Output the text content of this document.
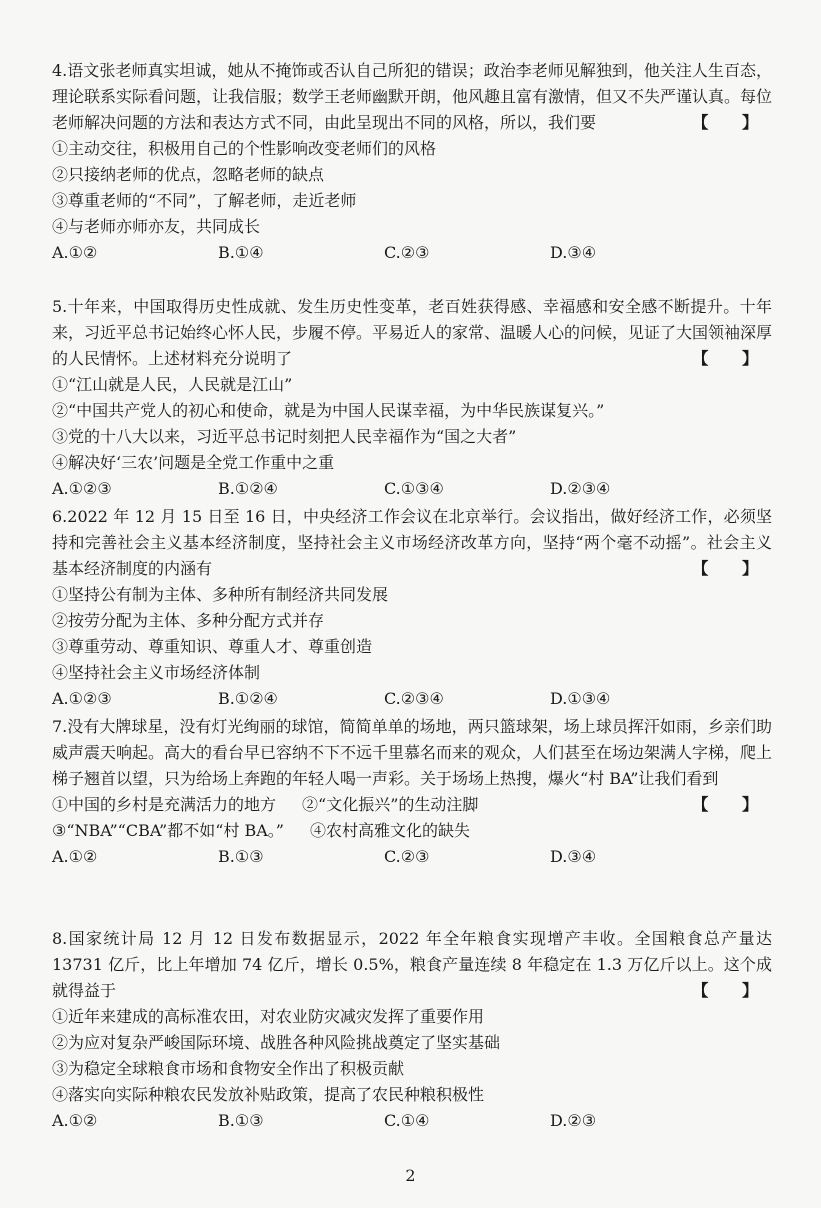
4.语文张老师真实坦诚，她从不掩饰或否认自己所犯的错误；政治李老师见解独到，他关注人生百态，理论联系实际看问题，让我信服；数学王老师幽默开朗，他风趣且富有激情，但又不失严谨认真。每位老师解决问题的方法和表达方式不同，由此呈现出不同的风格，所以，我们要	【 】

①主动交往，积极用自己的个性影响改变老师们的风格

②只接纳老师的优点，忽略老师的缺点

③尊重老师的“不同”，了解老师，走近老师

④与老师亦师亦友，共同成长

A.①②	B.①④	C.②③	D.③④

5.十年来，中国取得历史性成就、发生历史性变革，老百姓获得感、幸福感和安全感不断提升。十年来，习近平总书记始终心怀人民，步履不停。平易近人的家常、温暖人心的问候，见证了大国领袖深厚的人民情怀。上述材料充分说明了	【 】

①“江山就是人民，人民就是江山”

②“中国共产党人的初心和使命，就是为中国人民谋幸福，为中华民族谋复兴。”

③党的十八大以来，习近平总书记时刻把人民幸福作为“国之大者”

④解决好‘三农’问题是全党工作重中之重

A.①②③	B.①②④	C.①③④	D.②③④

6.2022 年 12 月 15 日至 16 日，中央经济工作会议在北京举行。会议指出，做好经济工作，必须坚持和完善社会主义基本经济制度，坚持社会主义市场经济改革方向，坚持“两个毫不动摇”。社会主义基本经济制度的内涵有	【 】

①坚持公有制为主体、多种所有制经济共同发展

②按劳分配为主体、多种分配方式并存

③尊重劳动、尊重知识、尊重人才、尊重创造

④坚持社会主义市场经济体制

A.①②③	B.①②④	C.②③④	D.①③④

7.没有大牌球星，没有灯光绚丽的球馆，简简单单的场地，两只篮球架，场上球员挥汗如雨，乡亲们助威声震天响起。高大的看台早已容纳不下不远千里慕名而来的观众，人们甚至在场边架满人字梯，爬上梯子翘首以望，只为给场上奔跑的年轻人喝一声彩。关于场场上热搜，爆火“村 BA”让我们看到
【 】

①中国的乡村是充满活力的地方 ②“文化振兴”的生动注脚

③“NBA”“CBA”都不如“村 BA。” ④农村高雅文化的缺失

A.①②	B.①③	C.②③	D.③④

8.国家统计局 12 月 12 日发布数据显示，2022 年全年粮食实现增产丰收。全国粮食总产量达 13731 亿斤，比上年增加 74 亿斤，增长 0.5%，粮食产量连续 8 年稳定在 1.3 万亿斤以上。这个成就得益于	【 】

①近年来建成的高标准农田，对农业防灾减灾发挥了重要作用

②为应对复杂严峻国际环境、战胜各种风险挑战奠定了坚实基础

③为稳定全球粮食市场和食物安全作出了积极贡献

④落实向实际种粮农民发放补贴政策，提高了农民种粮积极性

A.①②	B.①③	C.①④	D.②③
2
